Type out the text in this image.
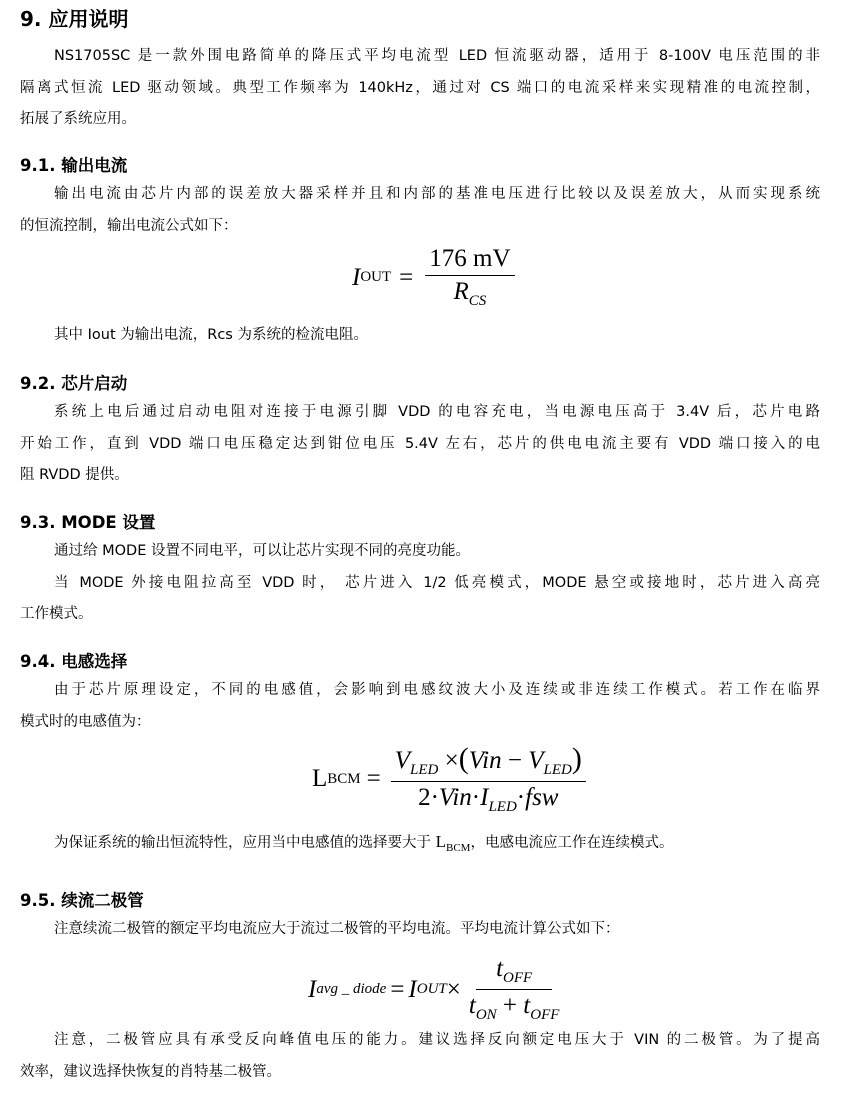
9. 应用说明
NS1705SC 是一款外围电路简单的降压式平均电流型 LED 恒流驱动器，适用于 8-100V 电压范围的非
隔离式恒流 LED 驱动领域。典型工作频率为 140kHz，通过对 CS 端口的电流采样来实现精准的电流控制，
拓展了系统应用。
9.1. 输出电流
输出电流由芯片内部的误差放大器采样并且和内部的基准电压进行比较以及误差放大，从而实现系统
的恒流控制，输出电流公式如下：
I OUT = $\frac{176 mV}{R_{CS}}$
其中 Iout 为输出电流，Rcs 为系统的检流电阻。
9.2. 芯片启动
系统上电后通过启动电阻对连接于电源引脚 VDD 的电容充电，当电源电压高于 3.4V 后，芯片电路
开始工作，直到 VDD 端口电压稳定达到钳位电压 5.4V 左右，芯片的供电电流主要有 VDD 端口接入的电
阻 RVDD 提供。
9.3. MODE 设置
通过给 MODE 设置不同电平，可以让芯片实现不同的亮度功能。
当 MODE 外接电阻拉高至 VDD 时， 芯片进入 1/2 低亮模式，MODE 悬空或接地时，芯片进入高亮
工作模式。
9.4. 电感选择
由于芯片原理设定，不同的电感值，会影响到电感纹波大小及连续或非连续工作模式。若工作在临界
模式时的电感值为：
L BCM = $\frac{V_{LED} \times(Vin - V_{LED})}{2\cdot Vin\cdot I_{LED}\cdot fsw}$
为保证系统的输出恒流特性，应用当中电感值的选择要大于 $L_{BCM}$，电感电流应工作在连续模式。
9.5. 续流二极管
注意续流二极管的额定平均电流应大于流过二极管的平均电流。平均电流计算公式如下：
I avg _ diode = I OUT × $\frac{t_{OFF}}{t_{ON} + t_{OFF}}$
注意，二极管应具有承受反向峰值电压的能力。建议选择反向额定电压大于 VIN 的二极管。为了提高
效率，建议选择快恢复的肖特基二极管。
